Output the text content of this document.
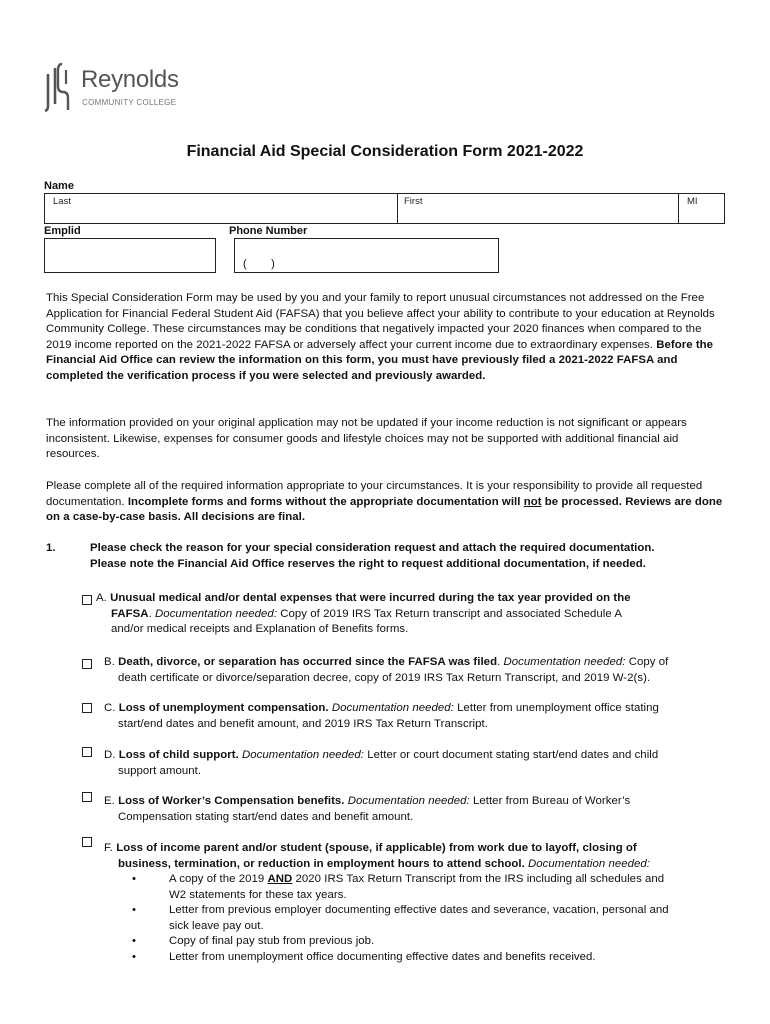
Reynolds
COMMUNITY COLLEGE
Financial Aid Special Consideration Form 2021-2022
Name
Last	First	MI
Emplid	Phone Number
(        )
This Special Consideration Form may be used by you and your family to report unusual circumstances not addressed on the Free Application for Financial Federal Student Aid (FAFSA) that you believe affect your ability to contribute to your education at Reynolds Community College. These circumstances may be conditions that negatively impacted your 2020 finances when compared to the 2019 income reported on the 2021-2022 FAFSA or adversely affect your current income due to extraordinary expenses. Before the Financial Aid Office can review the information on this form, you must have previously filed a 2021-2022 FAFSA and completed the verification process if you were selected and previously awarded.
The information provided on your original application may not be updated if your income reduction is not significant or appears inconsistent. Likewise, expenses for consumer goods and lifestyle choices may not be supported with additional financial aid resources.
Please complete all of the required information appropriate to your circumstances. It is your responsibility to provide all requested documentation. Incomplete forms and forms without the appropriate documentation will not be processed. Reviews are done on a case-by-case basis. All decisions are final.
1.	Please check the reason for your special consideration request and attach the required documentation.
Please note the Financial Aid Office reserves the right to request additional documentation, if needed.
A. Unusual medical and/or dental expenses that were incurred during the tax year provided on the
FAFSA. Documentation needed: Copy of 2019 IRS Tax Return transcript and associated Schedule A
and/or medical receipts and Explanation of Benefits forms.
B. Death, divorce, or separation has occurred since the FAFSA was filed. Documentation needed: Copy of
death certificate or divorce/separation decree, copy of 2019 IRS Tax Return Transcript, and 2019 W-2(s).
C. Loss of unemployment compensation. Documentation needed: Letter from unemployment office stating
start/end dates and benefit amount, and 2019 IRS Tax Return Transcript.
D. Loss of child support. Documentation needed: Letter or court document stating start/end dates and child
support amount.
E. Loss of Worker’s Compensation benefits. Documentation needed: Letter from Bureau of Worker’s
Compensation stating start/end dates and benefit amount.
F. Loss of income parent and/or student (spouse, if applicable) from work due to layoff, closing of
business, termination, or reduction in employment hours to attend school. Documentation needed:
•	A copy of the 2019 AND 2020 IRS Tax Return Transcript from the IRS including all schedules and
W2 statements for these tax years.
•	Letter from previous employer documenting effective dates and severance, vacation, personal and
sick leave pay out.
•	Copy of final pay stub from previous job.
•	Letter from unemployment office documenting effective dates and benefits received.
